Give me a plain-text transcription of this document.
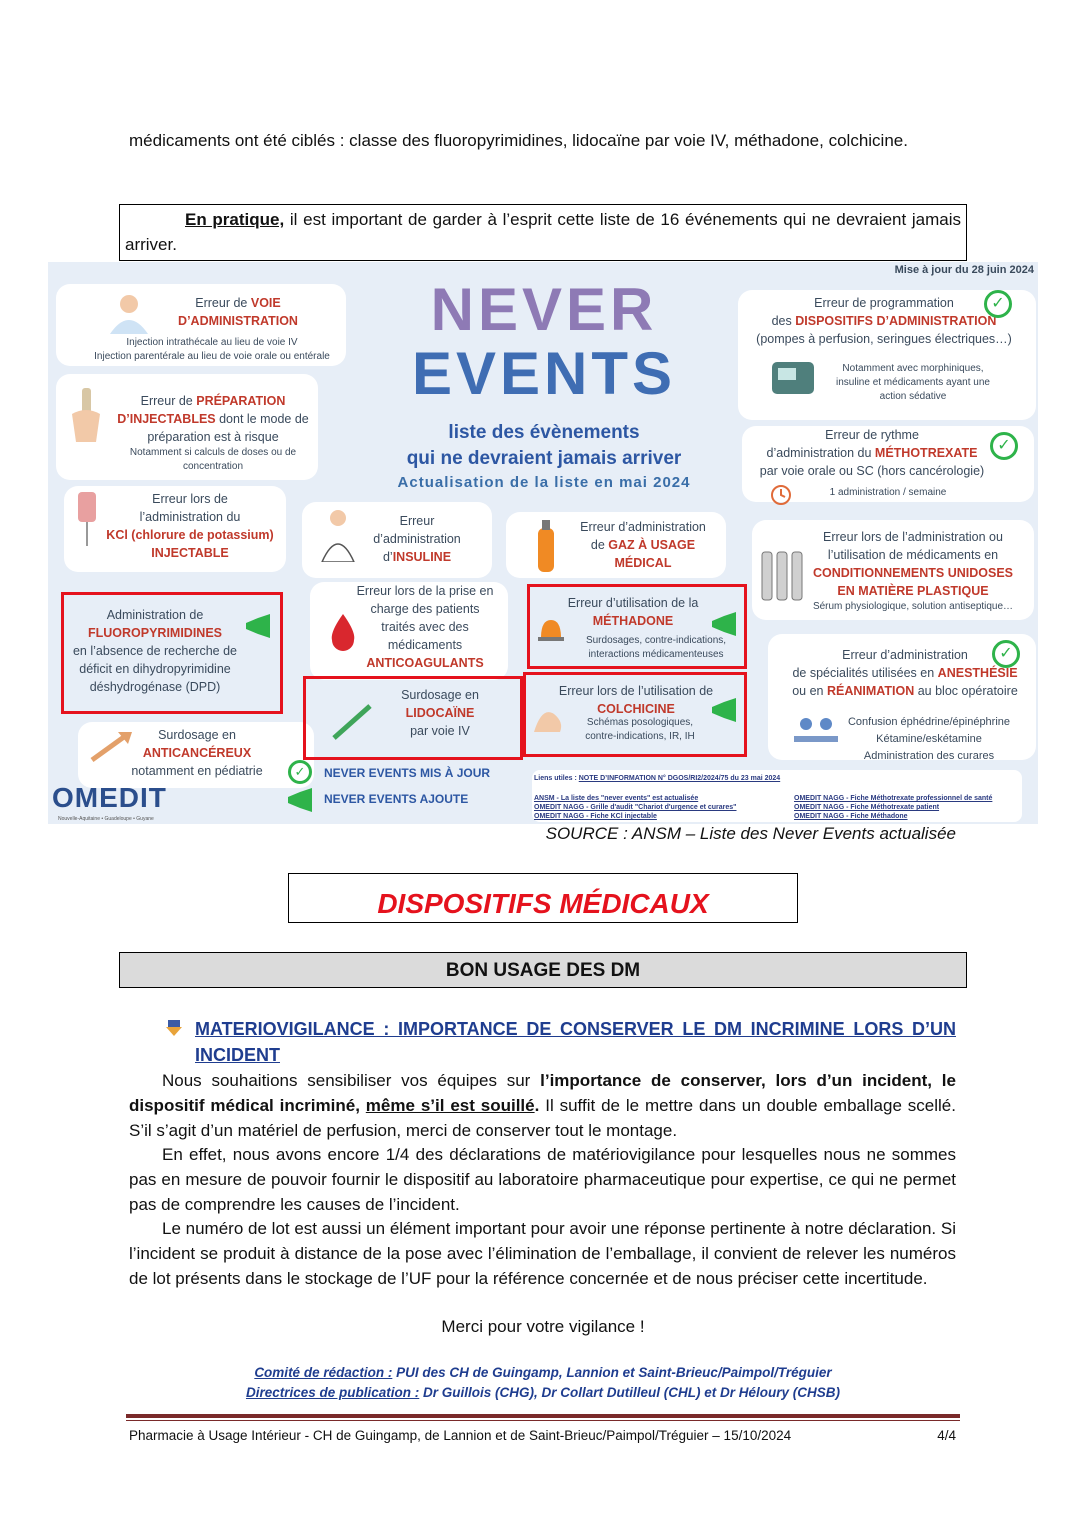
médicaments ont été ciblés : classe des fluoropyrimidines, lidocaïne par voie IV, méthadone, colchicine.
En pratique, il est important de garder à l’esprit cette liste de 16 événements qui ne devraient jamais arriver.
Mise à jour du 28 juin 2024
NEVER
EVENTS
liste des évènements
qui ne devraient jamais arriver
Actualisation de la liste en mai 2024
Erreur de VOIE
D’ADMINISTRATION
Injection intrathécale au lieu de voie IV
Injection parentérale au lieu de voie orale ou entérale
Erreur de PRÉPARATION
D’INJECTABLES dont le mode de
préparation est à risque
Notamment si calculs de doses ou de
concentration
Erreur lors de
l’administration du
KCl (chlorure de potassium)
INJECTABLE
Erreur
d’administration
d’INSULINE
Erreur d’administration
de GAZ À USAGE
MÉDICAL
Administration de
FLUOROPYRIMIDINES
en l’absence de recherche de
déficit en dihydropyrimidine
déshydrogénase (DPD)
Erreur lors de la prise en
charge des patients
traités avec des
médicaments
ANTICOAGULANTS
Erreur d’utilisation de la
MÉTHADONE
Surdosages, contre-indications,
interactions médicamenteuses
Surdosage en
LIDOCAÏNE
par voie IV
Erreur lors de l’utilisation de
COLCHICINE
Schémas posologiques,
contre-indications, IR, IH
Surdosage en
ANTICANCÉREUX
notamment en pédiatrie
Erreur de programmation
des DISPOSITIFS D’ADMINISTRATION
(pompes à perfusion, seringues électriques…)
✓
Notamment avec morphiniques,
insuline et médicaments ayant une
action sédative
Erreur de rythme
d’administration du MÉTHOTREXATE
par voie orale ou SC (hors cancérologie)
✓
1 administration / semaine
Erreur lors de l’administration ou
l’utilisation de médicaments en
CONDITIONNEMENTS UNIDOSES
EN MATIÈRE PLASTIQUE
Sérum physiologique, solution antiseptique…
Erreur d’administration
de spécialités utilisées en ANESTHÉSIE
ou en RÉANIMATION au bloc opératoire
✓
Confusion éphédrine/épinéphrine
Kétamine/eskétamine
Administration des curares
✓	NEVER EVENTS MIS À JOUR
NEVER EVENTS AJOUTE
OMEDIT
Nouvelle-Aquitaine • Guadeloupe • Guyane
Liens utiles : NOTE D’INFORMATION N° DGOS/RI2/2024/75 du 23 mai 2024
ANSM - La liste des "never events" est actualisée
OMEDIT NAGG - Grille d'audit "Chariot d'urgence et curares"
OMEDIT NAGG - Fiche KCl injectable
OMEDIT NAGG - Fiche Méthotrexate professionnel de santé
OMEDIT NAGG - Fiche Méthotrexate patient
OMEDIT NAGG - Fiche Méthadone
SOURCE : ANSM – Liste des Never Events actualisée
DISPOSITIFS MÉDICAUX
BON USAGE DES DM
MATERIOVIGILANCE : IMPORTANCE DE CONSERVER LE DM INCRIMINE LORS D’UN INCIDENT
Nous souhaitions sensibiliser vos équipes sur l’importance de conserver, lors d’un incident, le dispositif médical incriminé, même s’il est souillé. Il suffit de le mettre dans un double emballage scellé. S’il s’agit d’un matériel de perfusion, merci de conserver tout le montage.
En effet, nous avons encore 1/4 des déclarations de matériovigilance pour lesquelles nous ne sommes pas en mesure de pouvoir fournir le dispositif au laboratoire pharmaceutique pour expertise, ce qui ne permet pas de comprendre les causes de l’incident.
Le numéro de lot est aussi un élément important pour avoir une réponse pertinente à notre déclaration. Si l’incident se produit à distance de la pose avec l’élimination de l’emballage, il convient de relever les numéros de lot présents dans le stockage de l’UF pour la référence concernée et de nous préciser cette incertitude.
Merci pour votre vigilance !
Comité de rédaction : PUI des CH de Guingamp, Lannion et Saint-Brieuc/Paimpol/Tréguier
Directrices de publication : Dr Guillois (CHG), Dr Collart Dutilleul (CHL) et Dr Héloury (CHSB)
Pharmacie à Usage Intérieur - CH de Guingamp, de Lannion et de Saint-Brieuc/Paimpol/Tréguier – 15/10/2024	4/4
